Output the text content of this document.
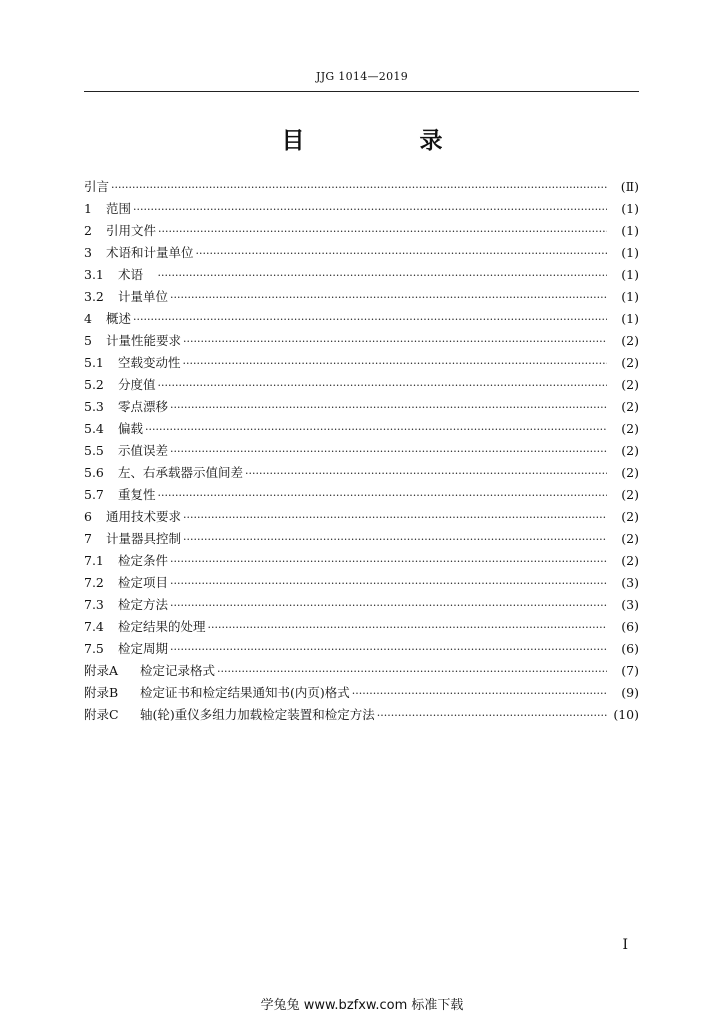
JJG 1014—2019
目　录
引言 ·····	(Ⅱ)
1	范围 ·····	(1)
2	引用文件 ·····	(1)
3	术语和计量单位 ·····	(1)
3.1	术语　 ·····	(1)
3.2	计量单位 ·····	(1)
4	概述 ·····	(1)
5	计量性能要求 ·····	(2)
5.1	空载变动性 ·····	(2)
5.2	分度值 ·····	(2)
5.3	零点漂移 ·····	(2)
5.4	偏载 ·····	(2)
5.5	示值误差 ·····	(2)
5.6	左、右承载器示值间差 ·····	(2)
5.7	重复性 ·····	(2)
6	通用技术要求 ·····	(2)
7	计量器具控制 ·····	(2)
7.1	检定条件 ·····	(2)
7.2	检定项目 ·····	(3)
7.3	检定方法 ·····	(3)
7.4	检定结果的处理 ·····	(6)
7.5	检定周期 ·····	(6)
附录A	检定记录格式 ·····	(7)
附录B	检定证书和检定结果通知书(内页)格式 ·····	(9)
附录C	轴(轮)重仪多组力加载检定装置和检定方法 ·····	(10)
I
学兔兔 www.bzfxw.com 标准下载
